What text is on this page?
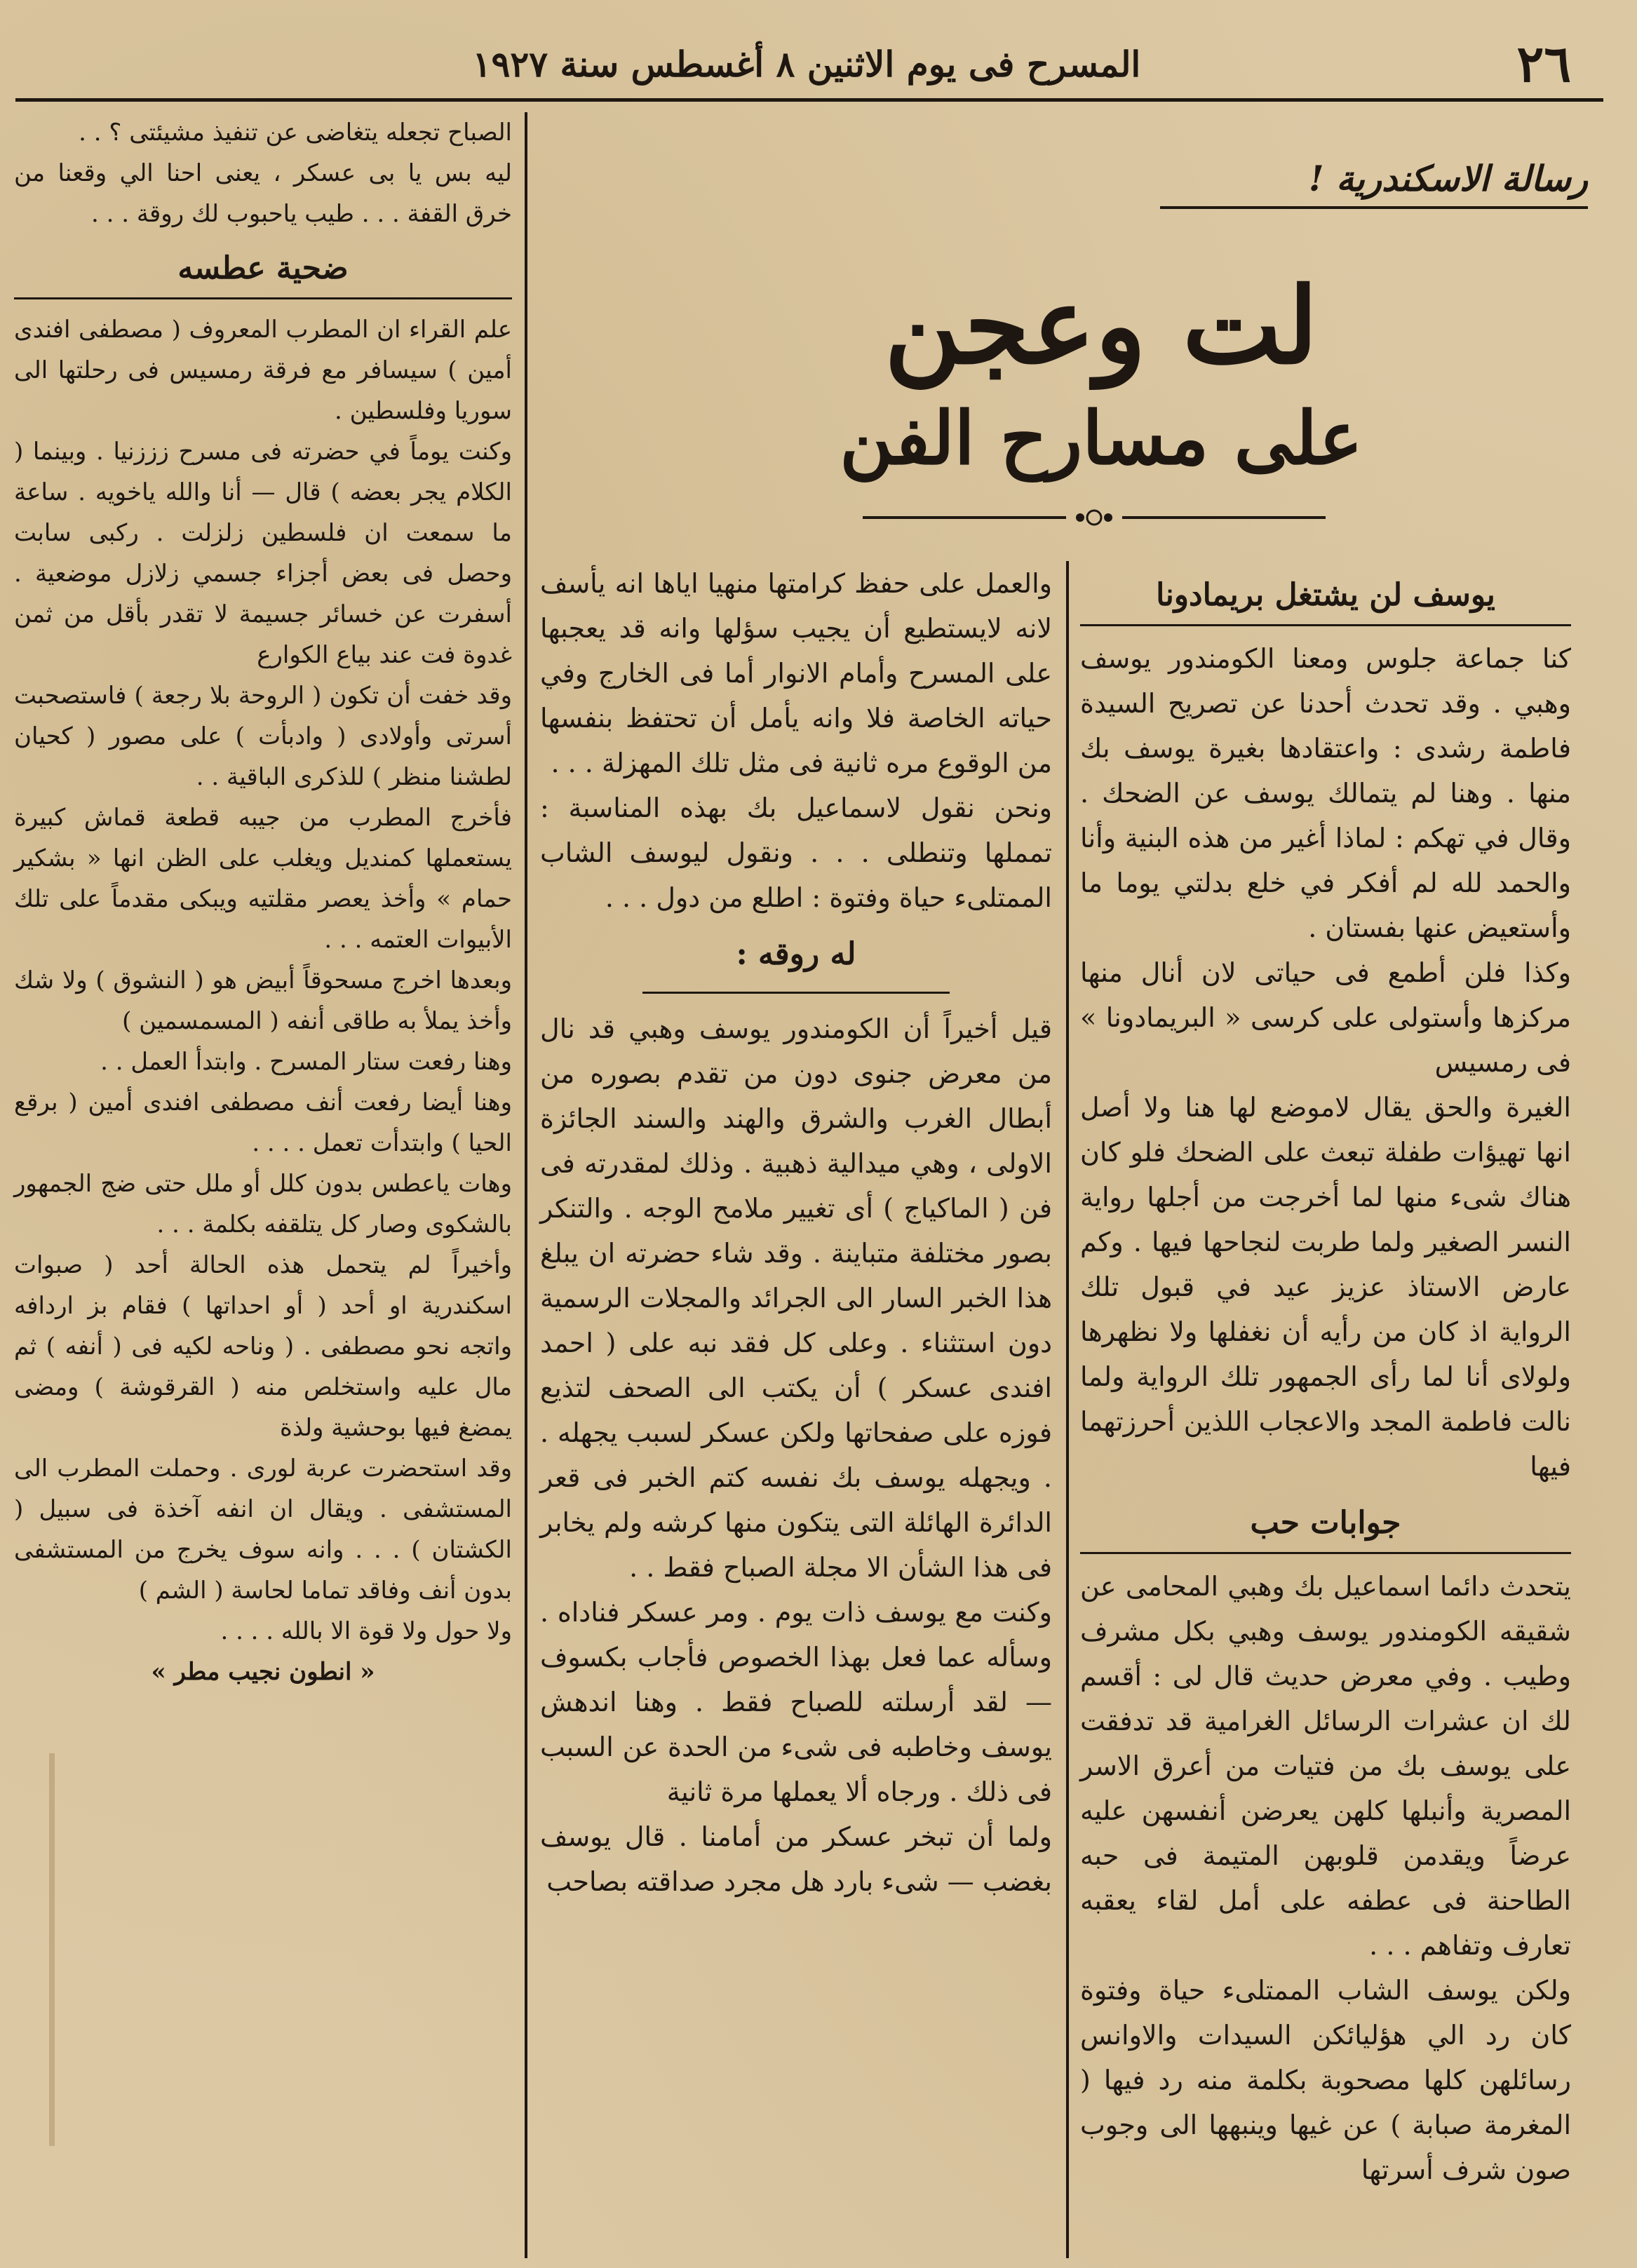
٢٦
المسرح فى يوم الاثنين ٨ أغسطس سنة ١٩٢٧
رسالة الاسكندرية !
لت وعجن
على مسارح الفن
يوسف لن يشتغل بريمادونا

كنا جماعة جلوس ومعنا الكومندور يوسف وهبي . وقد تحدث أحدنا عن تصريح السيدة فاطمة رشدى : واعتقادها بغيرة يوسف بك منها . وهنا لم يتمالك يوسف عن الضحك . وقال في تهكم : لماذا أغير من هذه البنية وأنا والحمد لله لم أفكر في خلع بدلتي يوما ما وأستعيض عنها بفستان .

وكذا فلن أطمع فى حياتى لان أنال منها مركزها وأستولى على كرسى « البريمادونا » فى رمسيس

الغيرة والحق يقال لاموضع لها هنا ولا أصل انها تهيؤات طفلة تبعث على الضحك فلو كان هناك شىء منها لما أخرجت من أجلها رواية النسر الصغير ولما طربت لنجاحها فيها . وكم عارض الاستاذ عزيز عيد في قبول تلك الرواية اذ كان من رأيه أن نغفلها ولا نظهرها ولولاى أنا لما رأى الجمهور تلك الرواية ولما نالت فاطمة المجد والاعجاب اللذين أحرزتهما فيها

جوابات حب

يتحدث دائما اسماعيل بك وهبي المحامى عن شقيقه الكومندور يوسف وهبي بكل مشرف وطيب . وفي معرض حديث قال لى : أقسم لك ان عشرات الرسائل الغرامية قد تدفقت على يوسف بك من فتيات من أعرق الاسر المصرية وأنبلها كلهن يعرضن أنفسهن عليه عرضاً ويقدمن قلوبهن المتيمة فى حبه الطاحنة فى عطفه على أمل لقاء يعقبه تعارف وتفاهم . . .

ولكن يوسف الشاب الممتلىء حياة وفتوة كان رد الي هؤليائكن السيدات والاوانس رسائلهن كلها مصحوبة بكلمة منه رد فيها ( المغرمة صبابة ) عن غيها وينبهها الى وجوب صون شرف أسرتها

والعمل على حفظ كرامتها منهيا اياها انه يأسف لانه لايستطيع أن يجيب سؤلها وانه قد يعجبها على المسرح وأمام الانوار أما فى الخارج وفي حياته الخاصة فلا وانه يأمل أن تحتفظ بنفسها من الوقوع مره ثانية فى مثل تلك المهزلة . . .

ونحن نقول لاسماعيل بك بهذه المناسبة : تمملها وتنطلى . . . ونقول ليوسف الشاب الممتلىء حياة وفتوة : اطلع من دول . . .

له روقه :

قيل أخيراً أن الكومندور يوسف وهبي قد نال من معرض جنوى دون من تقدم بصوره من أبطال الغرب والشرق والهند والسند الجائزة الاولى ، وهي ميدالية ذهبية . وذلك لمقدرته فى فن ( الماكياج ) أى تغيير ملامح الوجه . والتنكر بصور مختلفة متباينة . وقد شاء حضرته ان يبلغ هذا الخبر السار الى الجرائد والمجلات الرسمية دون استثناء . وعلى كل فقد نبه على ( احمد افندى عسكر ) أن يكتب الى الصحف لتذيع فوزه على صفحاتها ولكن عسكر لسبب يجهله . . ويجهله يوسف بك نفسه كتم الخبر فى قعر الدائرة الهائلة التى يتكون منها كرشه ولم يخابر فى هذا الشأن الا مجلة الصباح فقط . .

وكنت مع يوسف ذات يوم . ومر عسكر فناداه . وسأله عما فعل بهذا الخصوص فأجاب بكسوف — لقد أرسلته للصباح فقط . وهنا اندهش يوسف وخاطبه فى شىء من الحدة عن السبب فى ذلك . ورجاه ألا يعملها مرة ثانية

ولما أن تبخر عسكر من أمامنا . قال يوسف بغضب — شىء بارد هل مجرد صداقته بصاحب

الصباح تجعله يتغاضى عن تنفيذ مشيئتى ؟ . .

ليه بس يا بى عسكر ، يعنى احنا الي وقعنا من خرق القفة . . . طيب ياحبوب لك روقة . . .

ضحية عطسه

علم القراء ان المطرب المعروف ( مصطفى افندى أمين ) سيسافر مع فرقة رمسيس فى رحلتها الى سوريا وفلسطين .

وكنت يوماً في حضرته فى مسرح زززنيا . وبينما ( الكلام يجر بعضه ) قال — أنا والله ياخويه . ساعة ما سمعت ان فلسطين زلزلت . ركبى سابت وحصل فى بعض أجزاء جسمي زلازل موضعية . أسفرت عن خسائر جسيمة لا تقدر بأقل من ثمن غدوة فت عند بياع الكوارع

وقد خفت أن تكون ( الروحة بلا رجعة ) فاستصحبت أسرتى وأولادى ( وادبأت ) على مصور ( كحيان لطشنا منظر ) للذكرى الباقية . .

فأخرج المطرب من جيبه قطعة قماش كبيرة يستعملها كمنديل ويغلب على الظن انها « بشكير حمام » وأخذ يعصر مقلتيه ويبكى مقدماً على تلك الأبيوات العتمه . . .

وبعدها اخرج مسحوقاً أبيض هو ( النشوق ) ولا شك وأخذ يملأ به طاقى أنفه ( المسمسمين )

وهنا رفعت ستار المسرح . وابتدأ العمل . .

وهنا أيضا رفعت أنف مصطفى افندى أمين ( برقع الحيا ) وابتدأت تعمل . . . .

وهات ياعطس بدون كلل أو ملل حتى ضج الجمهور بالشكوى وصار كل يتلقفه بكلمة . . .

وأخيراً لم يتحمل هذه الحالة أحد ( صبوات اسكندرية او أحد ( أو احداتها ) فقام بز اردافه واتجه نحو مصطفى . ( وناحه لكيه فى ( أنفه ) ثم مال عليه واستخلص منه ( القرقوشة ) ومضى يمضغ فيها بوحشية ولذة

وقد استحضرت عربة لورى . وحملت المطرب الى المستشفى . ويقال ان انفه آخذة فى سبيل ( الكشتان ) . . . وانه سوف يخرج من المستشفى بدون أنف وفاقد تماما لحاسة ( الشم )

ولا حول ولا قوة الا بالله . . . .

« انطون نجيب مطر »
